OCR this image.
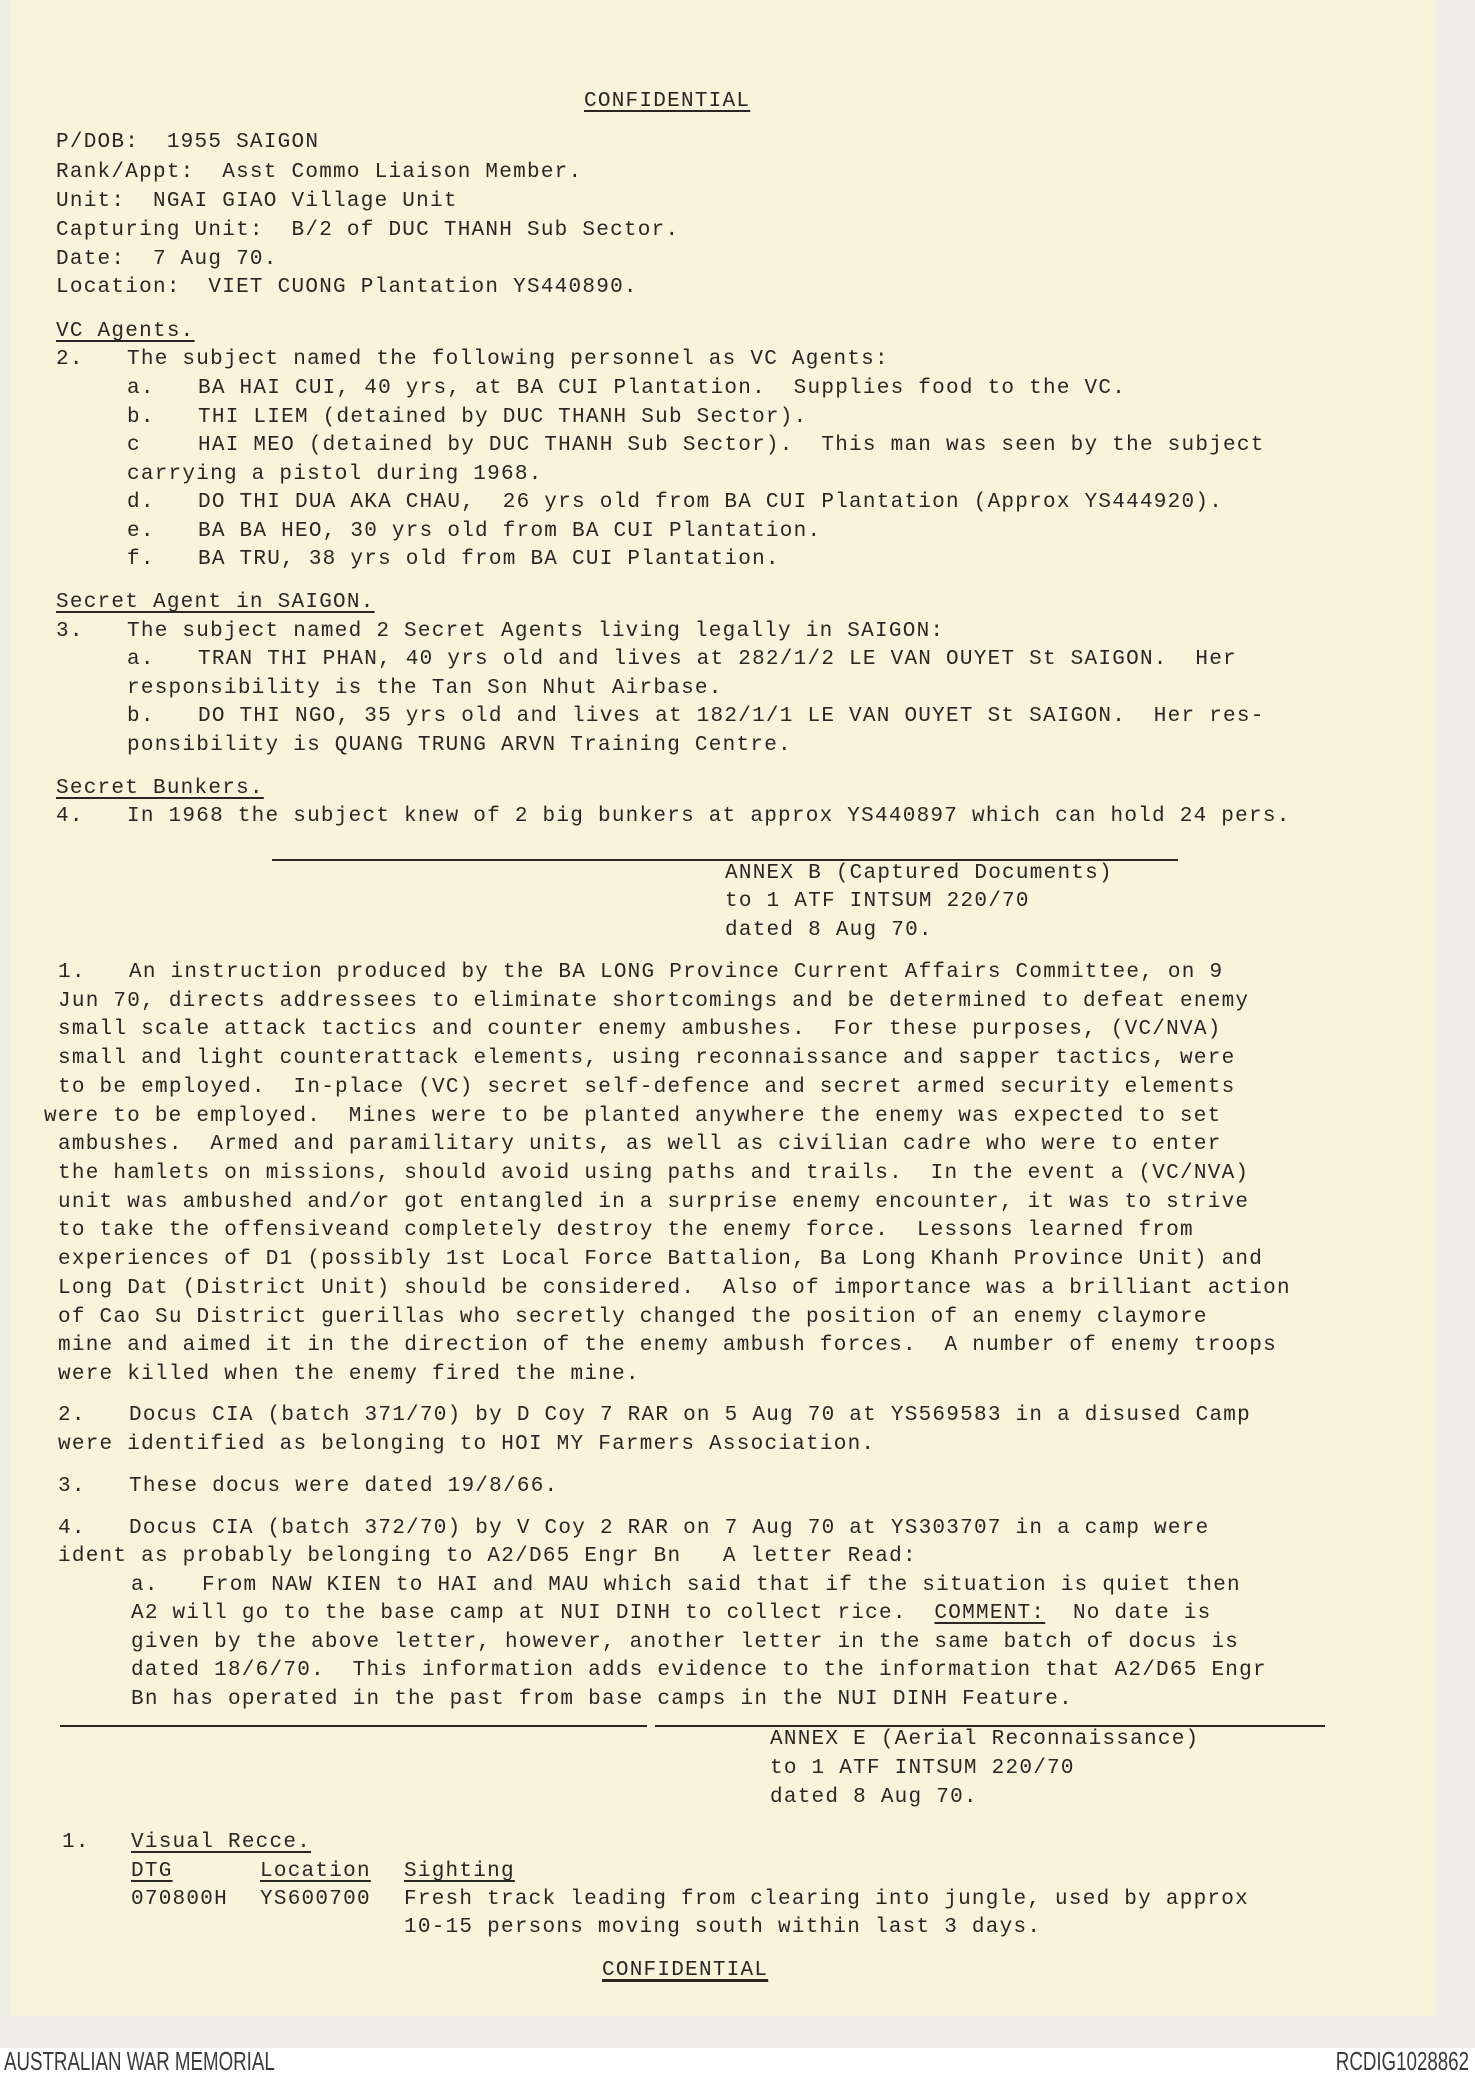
CONFIDENTIAL
P/DOB:  1955 SAIGON
Rank/Appt:  Asst Commo Liaison Member.
Unit:  NGAI GIAO Village Unit
Capturing Unit:  B/2 of DUC THANH Sub Sector.
Date:  7 Aug 70.
Location:  VIET CUONG Plantation YS440890.
VC Agents.
2. The subject named the following personnel as VC Agents:
a. BA HAI CUI, 40 yrs, at BA CUI Plantation.  Supplies food to the VC.
b. THI LIEM (detained by DUC THANH Sub Sector).
c	HAI MEO (detained by DUC THANH Sub Sector).  This man was seen by the subject
carrying a pistol during 1968.
d. DO THI DUA AKA CHAU,  26 yrs old from BA CUI Plantation (Approx YS444920).
e. BA BA HEO, 30 yrs old from BA CUI Plantation.
f. BA TRU, 38 yrs old from BA CUI Plantation.
Secret Agent in SAIGON.
3. The subject named 2 Secret Agents living legally in SAIGON:
a. TRAN THI PHAN, 40 yrs old and lives at 282/1/2 LE VAN OUYET St SAIGON.  Her
responsibility is the Tan Son Nhut Airbase.
b. DO THI NGO, 35 yrs old and lives at 182/1/1 LE VAN OUYET St SAIGON.  Her res-
ponsibility is QUANG TRUNG ARVN Training Centre.
Secret Bunkers.
4. In 1968 the subject knew of 2 big bunkers at approx YS440897 which can hold 24 pers.
ANNEX B (Captured Documents)
to 1 ATF INTSUM 220/70
dated 8 Aug 70.
1. An instruction produced by the BA LONG Province Current Affairs Committee, on 9
Jun 70, directs addressees to eliminate shortcomings and be determined to defeat enemy
small scale attack tactics and counter enemy ambushes.  For these purposes, (VC/NVA)
small and light counterattack elements, using reconnaissance and sapper tactics, were
to be employed.  In-place (VC) secret self-defence and secret armed security elements
were to be employed.  Mines were to be planted anywhere the enemy was expected to set
ambushes.  Armed and paramilitary units, as well as civilian cadre who were to enter
the hamlets on missions, should avoid using paths and trails.  In the event a (VC/NVA)
unit was ambushed and/or got entangled in a surprise enemy encounter, it was to strive
to take the offensiveand completely destroy the enemy force.  Lessons learned from
experiences of D1 (possibly 1st Local Force Battalion, Ba Long Khanh Province Unit) and
Long Dat (District Unit) should be considered.  Also of importance was a brilliant action
of Cao Su District guerillas who secretly changed the position of an enemy claymore
mine and aimed it in the direction of the enemy ambush forces.  A number of enemy troops
were killed when the enemy fired the mine.
2. Docus CIA (batch 371/70) by D Coy 7 RAR on 5 Aug 70 at YS569583 in a disused Camp
were identified as belonging to HOI MY Farmers Association.
3. These docus were dated 19/8/66.
4. Docus CIA (batch 372/70) by V Coy 2 RAR on 7 Aug 70 at YS303707 in a camp were
ident as probably belonging to A2/D65 Engr Bn   A letter Read:
a. From NAW KIEN to HAI and MAU which said that if the situation is quiet then
A2 will go to the base camp at NUI DINH to collect rice.  COMMENT:  No date is
given by the above letter, however, another letter in the same batch of docus is
dated 18/6/70.  This information adds evidence to the information that A2/D65 Engr
Bn has operated in the past from base camps in the NUI DINH Feature.
ANNEX E (Aerial Reconnaissance)
to 1 ATF INTSUM 220/70
dated 8 Aug 70.
1. Visual Recce.
DTG	Location Sighting
070800H YS600700 Fresh track leading from clearing into jungle, used by approx
10-15 persons moving south within last 3 days.
CONFIDENTIAL
AUSTRALIAN WAR MEMORIAL	RCDIG1028862
